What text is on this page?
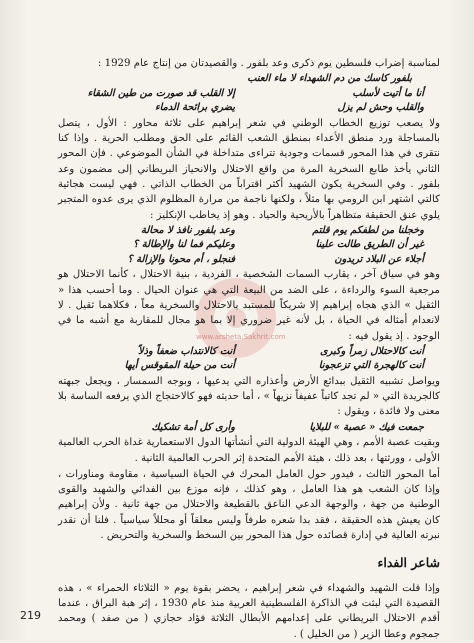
www.arsheta.Sakhrit.com

لمناسبة إضراب فلسطين يوم ذكرى وعد بلفور . والقصيدتان من إنتاج عام 1929 :

بلفور كاسك من دم الشهداء لا ماء العنب
أنا ما أتيت لأسلب
إلا القلب قد صورت من طين الشقاء
والقلب وحش لم يزل
يضري برائحة الدماء

ولا يصعب توزيع الخطاب الوطني في شعر إبراهيم على ثلاثة محاور : الأول ، يتصل بالمساجلة ورد منطق الأعداء بمنطق الشعب القائم على الحق ومطلب الحرية . وإذا كنا نتقرى في هذا المحور قسمات وجودية تتراءى متداخلة في الشأن الموضوعي . فإن المحور الثاني يأخذ طابع السخرية المرة من واقع الاحتلال والانحياز البريطاني إلى مضمون وعد بلفور . وفي السخرية يكون الشهيد أكثر اقتراباً من الخطاب الذاتي . فهي ليست هجائية كالتي اشتهر ابن الرومي بها مثلاً ، ولكنها ناجمة من مرارة المظلوم الذي يرى عدوه المتجبر يلوي عنق الحقيقة متظاهراً بالأريحية والحياد . وهو إذ يخاطب الإنكليز :

وخجلنا من لطفكم يوم قلتم
وعد بلفور نافذ لا محالة
غير أن الطريق طالت علينا
وعليكم فما لنا والإطالة ؟
أجلاء عن البلاد تريدون
فنجلو ، أم محونا والإزالة ؟

وهو في سياق آخر ، يقارب السمات الشخصية ، الفردية ، بنية الاحتلال ، كأنما الاحتلال هو مرجعية السوء والرداءة ، على الضد من البيعة التي هي عنوان الحيال . وما أحسب هذا « الثقيل » الذي هجاه إبراهيم إلا شريكاً للمستبد بالاحتلال والسخرية معاً ، فكلاهما ثقيل . لا لانعدام أمثاله في الحياة ، بل لأنه غير ضروري إلا بما هو مجال للمقاربة مع أشبه ما في الوجود . إذ يقول فيه :

أنت كالاحتلال زمراً وكبرى
أنت كالانتداب ضعفاً وذلاً
أنت كالهجرة التي تزعجونا
أنت من حيلة المقوقس أيها

ويواصل تشبيه الثقيل ببدائع الأرض وأعذاره التي يدعيها ، وبوجه السمسار ، ويجعل جبهته كالجريدة التي « لم تجد كاتباً عفيفاً نزيهاً » ، أما حديثه فهو كالاحتجاج الذي يرفعه الساسة بلا معنى ولا فائدة ، ويقول :

جمعت فيك « عصبة » للبلايا
وأرى كل أمة تشكيك

وبقيت عصبة الأمم ، وهي الهيئة الدولية التي أنشأتها الدول الاستعمارية غداة الحرب العالمية الأولى ، وورثتها ، بعد ذلك ، هيئة الأمم المتحدة إثر الحرب العالمية الثانية .

أما المحور الثالث ، فيدور حول العامل المحرك في الحياة السياسية ، مقاومة ومناورات ، وإذا كان الشعب هو هذا العامل ، وهو كذلك ، فإنه موزع بين الفدائي والشهيد والقوى الوطنية من جهة ، والوجهة الدعي الناعق بالقطيعة والاحتلال من جهة ثانية . ولأن إبراهيم كان يعيش هذه الحقيقة ، فقد بدا شعره طرفاً وليس معلقاً أو محللاً سياسياً . فلنا أن نقدر نبرته العالية في إدارة قصائده حول هذا المحور بين السخط والسخرية والتحريض .

شاعر الفداء

وإذا قلت الشهيد والشهداء في شعر إبراهيم ، يحضر بقوة يوم « الثلاثاء الحمراء » ، هذه القصيدة التي لبثت في الذاكرة الفلسطينية العربية منذ عام 1930 ، إثر هبة البراق ، عندما أقدم الاحتلال البريطاني على إعدامهم الأبطال الثلاثة فؤاد حجازي ( من صفد ) ومحمد جمجوم وعطا الزير ( من الخليل ) .

219
